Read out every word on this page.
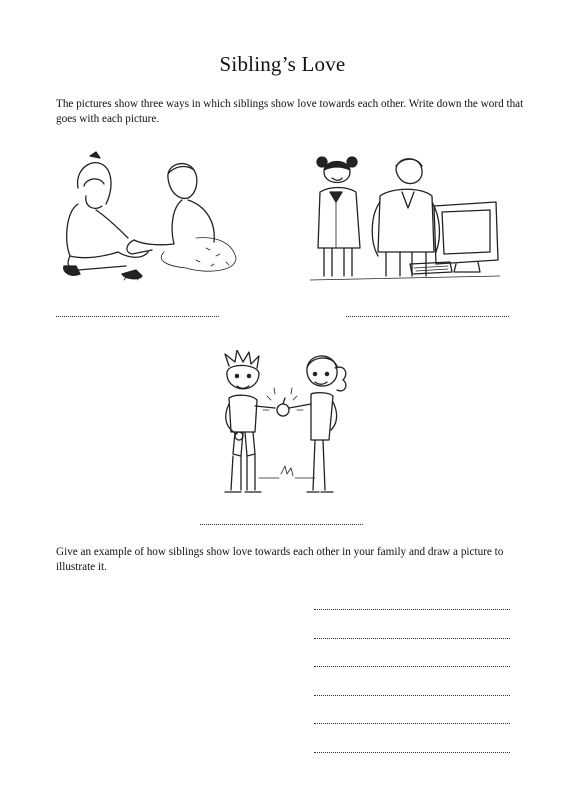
Sibling’s Love
The pictures show three ways in which siblings show love towards each other. Write down the word that goes with each picture.
Give an example of how siblings show love towards each other in your family and draw a picture to illustrate it.
